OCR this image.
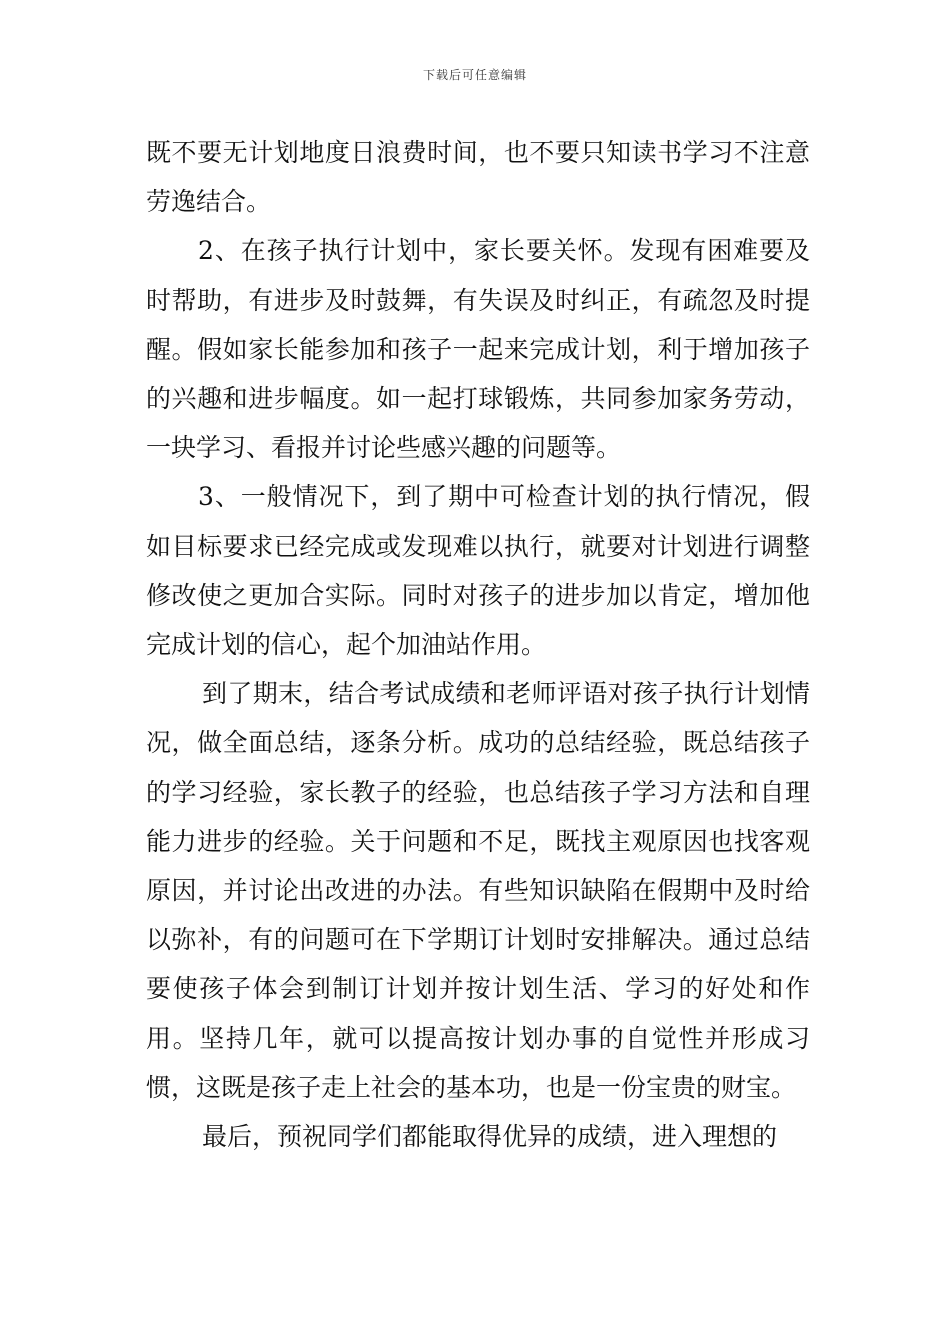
下载后可任意编辑

既不要无计划地度日浪费时间，也不要只知读书学习不注意劳逸结合。

2、在孩子执行计划中，家长要关怀。发现有困难要及时帮助，有进步及时鼓舞，有失误及时纠正，有疏忽及时提醒。假如家长能参加和孩子一起来完成计划，利于增加孩子的兴趣和进步幅度。如一起打球锻炼，共同参加家务劳动，一块学习、看报并讨论些感兴趣的问题等。

3、一般情况下，到了期中可检查计划的执行情况，假如目标要求已经完成或发现难以执行，就要对计划进行调整修改使之更加合实际。同时对孩子的进步加以肯定，增加他完成计划的信心，起个加油站作用。

到了期末，结合考试成绩和老师评语对孩子执行计划情况，做全面总结，逐条分析。成功的总结经验，既总结孩子的学习经验，家长教子的经验，也总结孩子学习方法和自理能力进步的经验。关于问题和不足，既找主观原因也找客观原因，并讨论出改进的办法。有些知识缺陷在假期中及时给以弥补，有的问题可在下学期订计划时安排解决。通过总结要使孩子体会到制订计划并按计划生活、学习的好处和作用。坚持几年，就可以提高按计划办事的自觉性并形成习惯，这既是孩子走上社会的基本功，也是一份宝贵的财宝。

最后，预祝同学们都能取得优异的成绩，进入理想的
